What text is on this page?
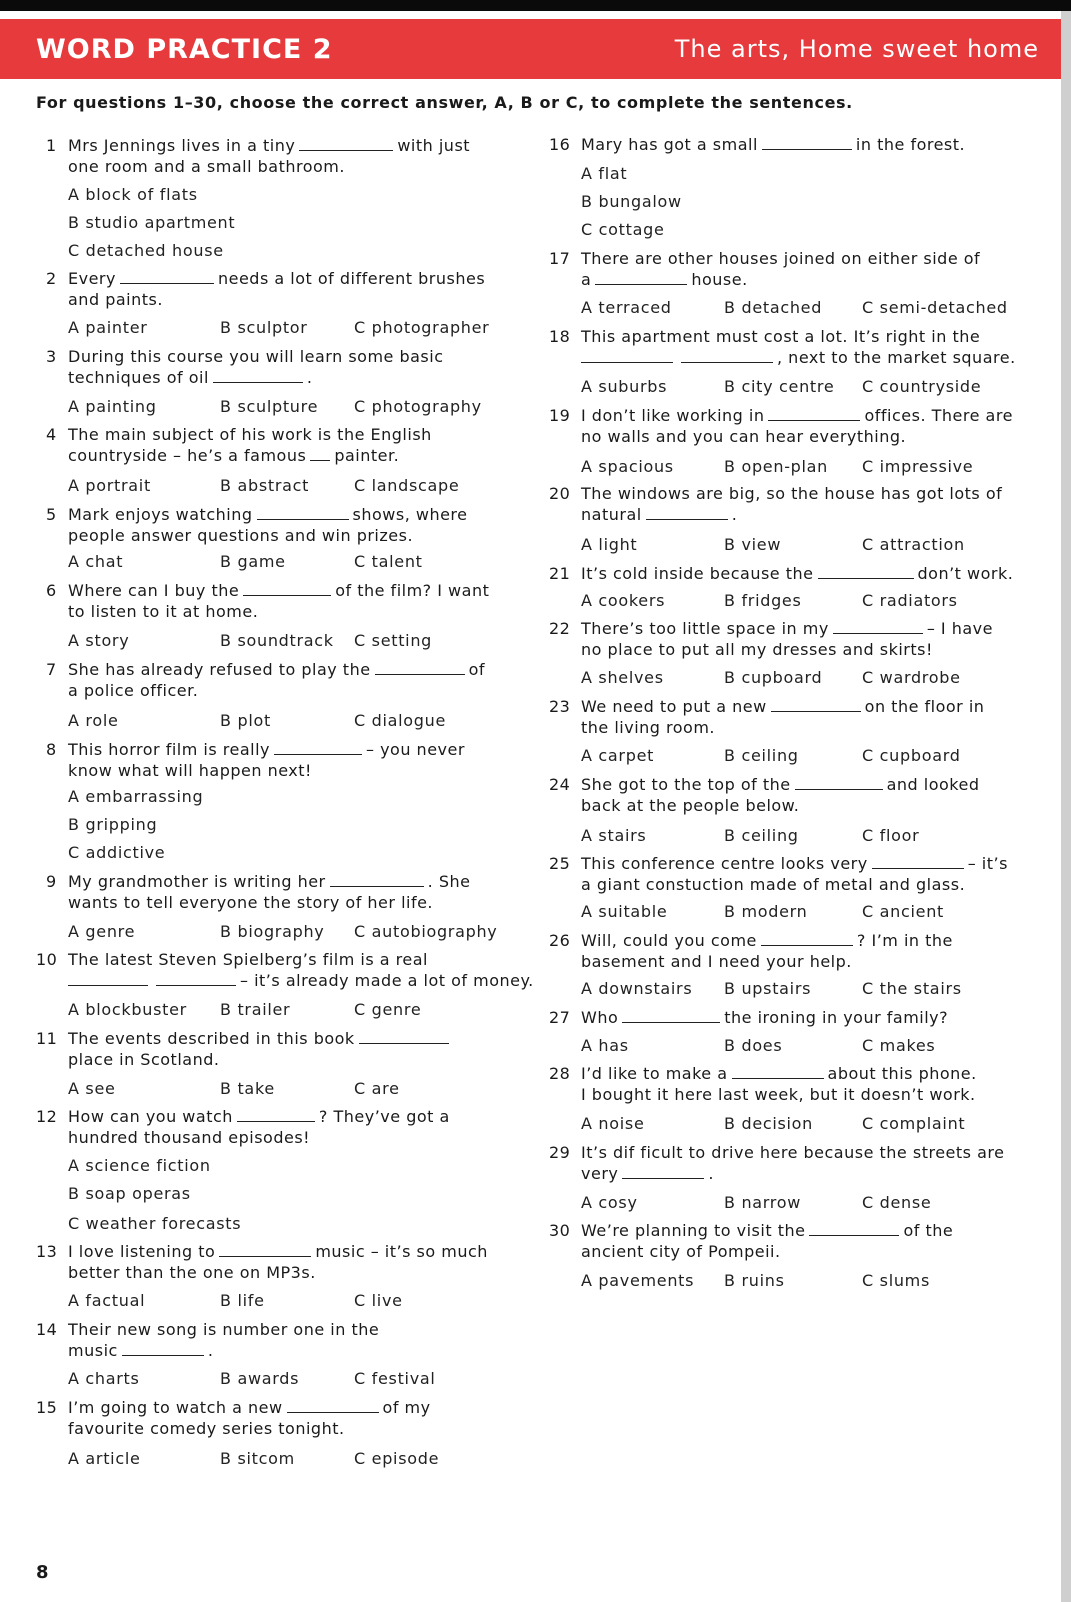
WORD PRACTICE 2	The arts, Home sweet home
For questions 1–30, choose the correct answer, A, B or C, to complete the sentences.
1 Mrs Jennings lives in a tiny	with just
one room and a small bathroom.
A block of flats
B studio apartment
C detached house
2 Every	needs a lot of different brushes
and paints.
A painter	B sculptor	C photographer
3 During this course you will learn some basic
techniques of oil	.
A painting	B sculpture C photography
4 The main subject of his work is the English
countryside – he’s a famous painter.
A portrait	B abstract	C landscape
5 Mark enjoys watching	shows, where
people answer questions and win prizes.
A chat	B game	C talent
6 Where can I buy the	of the film? I want
to listen to it at home.
A story	B soundtrack C setting
7 She has already refused to play the	of
a police officer.
A role	B plot	C dialogue
8 This horror film is really	– you never
know what will happen next!
A embarrassing
B gripping
C addictive
9 My grandmother is writing her	. She
wants to tell everyone the story of her life.
A genre	B biography C autobiography
10 The latest Steven Spielberg’s film is a real
– it’s already made a lot of money.
A blockbuster B trailer	C genre
11 The events described in this book
place in Scotland.
A see	B take	C are
12 How can you watch	? They’ve got a
hundred thousand episodes!
A science fiction
B soap operas
C weather forecasts
13 I love listening to	music – it’s so much
better than the one on MP3s.
A factual	B life	C live
14 Their new song is number one in the
music	.
A charts	B awards	C festival
15 I’m going to watch a new	of my
favourite comedy series tonight.
A article	B sitcom	C episode
16 Mary has got a small	in the forest.
A flat
B bungalow
C cottage
17 There are other houses joined on either side of
a	house.
A terraced	B detached C semi-detached
18 This apartment must cost a lot. It’s right in the
, next to the market square.
A suburbs	B city centre C countryside
19 I don’t like working in	offices. There are
no walls and you can hear everything.
A spacious	B open-plan C impressive
20 The windows are big, so the house has got lots of
natural	.
A light	B view	C attraction
21 It’s cold inside because the	don’t work.
A cookers	B fridges	C radiators
22 There’s too little space in my	– I have
no place to put all my dresses and skirts!
A shelves	B cupboard C wardrobe
23 We need to put a new	on the floor in
the living room.
A carpet	B ceiling	C cupboard
24 She got to the top of the	and looked
back at the people below.
A stairs	B ceiling	C floor
25 This conference centre looks very	– it’s
a giant constuction made of metal and glass.
A suitable	B modern	C ancient
26 Will, could you come	? I’m in the
basement and I need your help.
A downstairs B upstairs	C the stairs
27 Who	the ironing in your family?
A has	B does	C makes
28 I’d like to make a	about this phone.
I bought it here last week, but it doesn’t work.
A noise	B decision	C complaint
29 It’s dif ficult to drive here because the streets are
very	.
A cosy	B narrow	C dense
30 We’re planning to visit the	of the
ancient city of Pompeii.
A pavements B ruins	C slums
8
